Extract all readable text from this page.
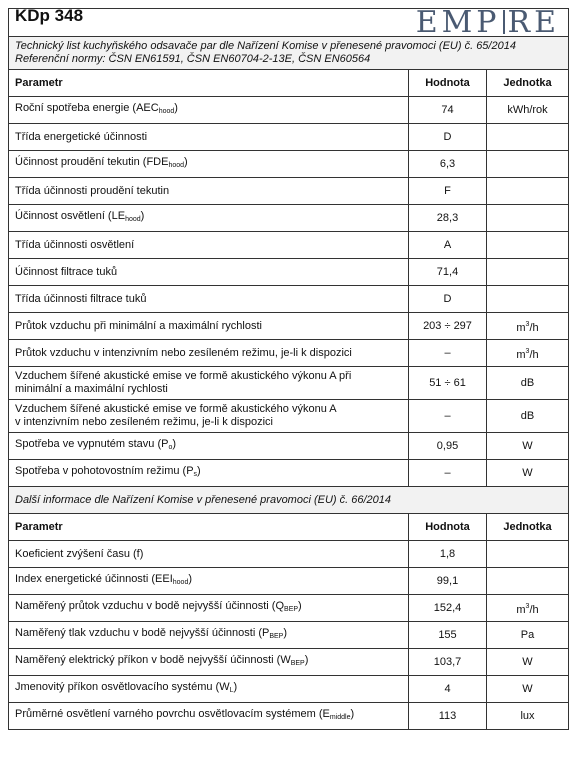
KDp 348 EMP RE		

Technický list kuchyňského odsavače par dle Nařízení Komise v přenesené pravomoci (EU) č. 65/2014
Referenční normy: ČSN EN61591, ČSN EN60704-2-13E, ČSN EN60564		

Parametr	Hodnota	Jednotka
Roční spotřeba energie $(AEC_{hood})$	74	kWh/rok
Třída energetické účinnosti	D	
Účinnost proudění tekutin $(FDE_{hood})$	6,3	
Třída účinnosti proudění tekutin	F	
Účinnost osvětlení $(LE_{hood})$	28,3	
Třída účinnosti osvětlení	A	
Účinnost filtrace tuků	71,4	
Třída účinnosti filtrace tuků	D	
Průtok vzduchu při minimální a maximální rychlosti	203 ÷ 297	$m^3/h$
Průtok vzduchu v intenzivním nebo zesíleném režimu, je-li k dispozici	–	$m^3/h$
Vzduchem šířené akustické emise ve formě akustického výkonu A při
minimální a maximální rychlosti	51 ÷ 61	dB
Vzduchem šířené akustické emise ve formě akustického výkonu A
v intenzivním nebo zesíleném režimu, je-li k dispozici	–	dB
Spotřeba ve vypnutém stavu $(P_o)$	0,95	W
Spotřeba v pohotovostním režimu $(P_s)$	–	W
Další informace dle Nařízení Komise v přenesené pravomoci (EU) č. 66/2014		
Parametr	Hodnota	Jednotka
Koeficient zvýšení času (f)	1,8	
Index energetické účinnosti $(EEI_{hood})$	99,1	
Naměřený průtok vzduchu v bodě nejvyšší účinnosti $(Q_{BEP})$	152,4	$m^3/h$
Naměřený tlak vzduchu v bodě nejvyšší účinnosti $(P_{BEP})$	155	Pa
Naměřený elektrický příkon v bodě nejvyšší účinnosti $(W_{BEP})$	103,7	W
Jmenovitý příkon osvětlovacího systému $(W_L)$	4	W
Průměrné osvětlení varného povrchu osvětlovacím systémem $(E_{middle})$	113	lux
